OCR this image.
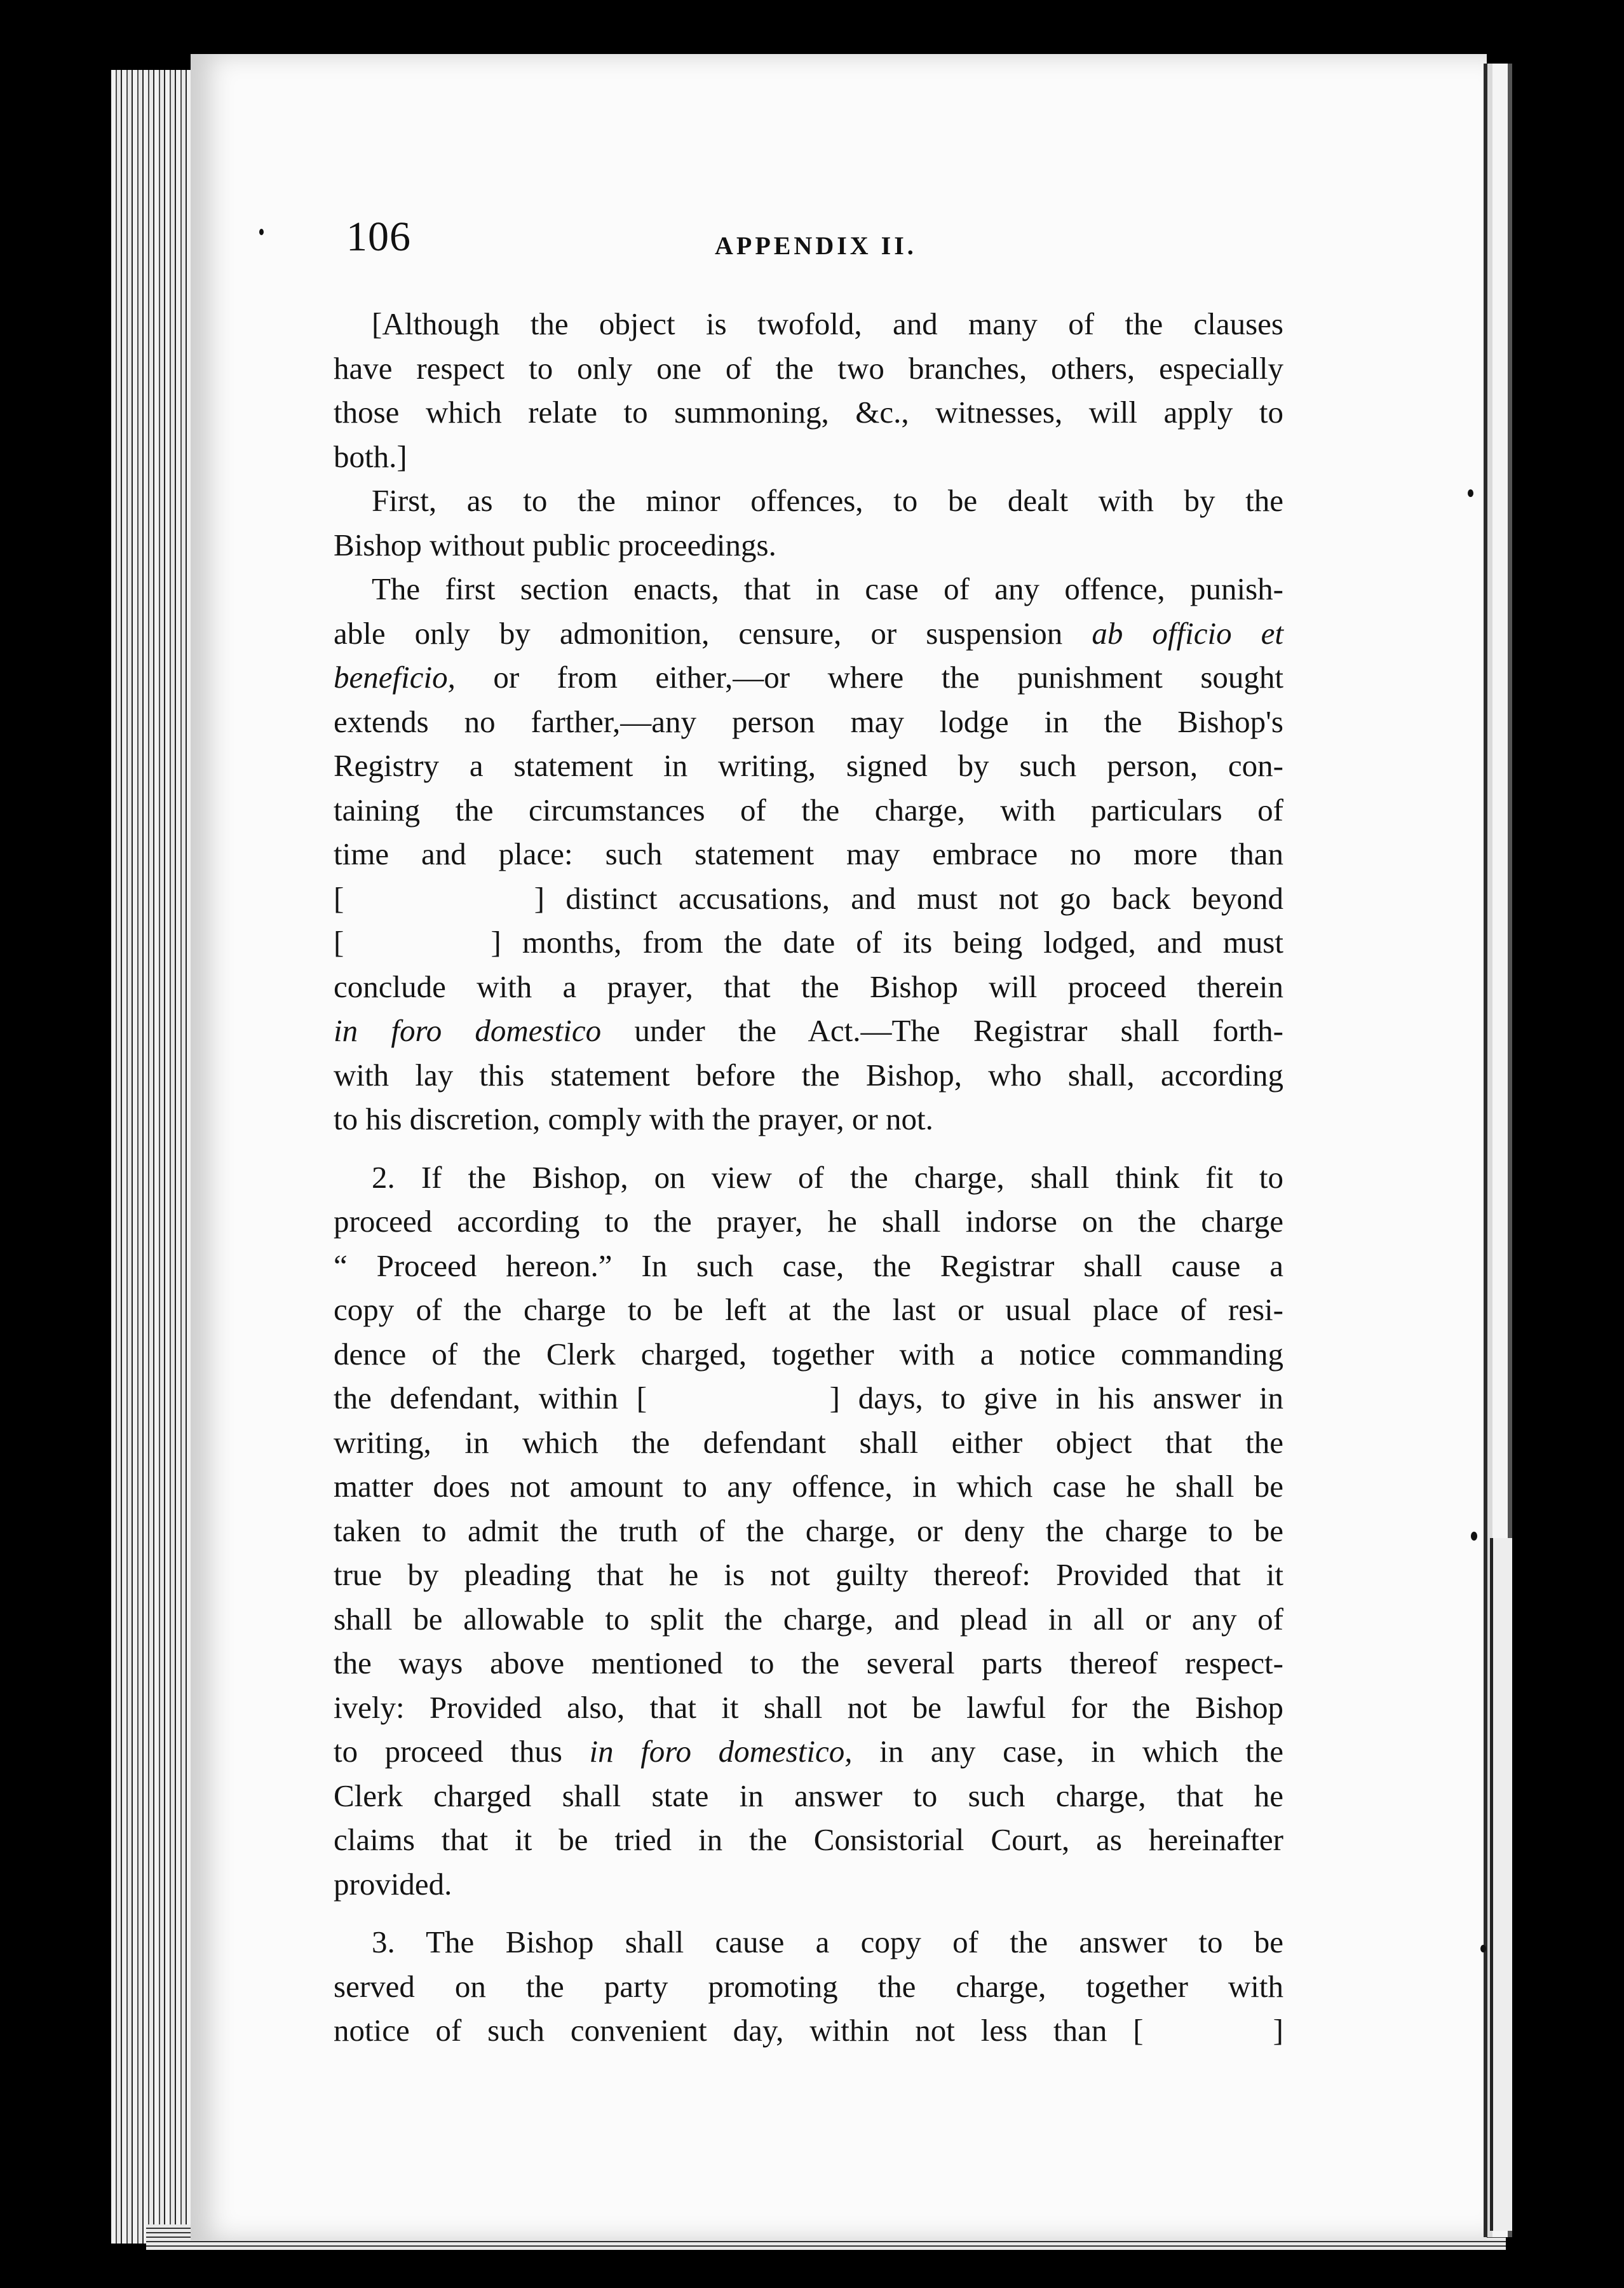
106	APPENDIX II.

[Although the object is twofold, and many of the clauses

have respect to only one of the two branches, others, especially

those which relate to summoning, &c., witnesses, will apply to

both.]

First, as to the minor offences, to be dealt with by the

Bishop without public proceedings.

The first section enacts, that in case of any offence, punish-

able only by admonition, censure, or suspension ab officio et

beneficio, or from either,—or where the punishment sought

extends no farther,—any person may lodge in the Bishop's

Registry a statement in writing, signed by such person, con-

taining the circumstances of the charge, with particulars of

time and place: such statement may embrace no more than

[         ] distinct accusations, and must not go back beyond

[       ] months, from the date of its being lodged, and must

conclude with a prayer, that the Bishop will proceed therein

in foro domestico under the Act.—The Registrar shall forth-

with lay this statement before the Bishop, who shall, according

to his discretion, comply with the prayer, or not.

2. If the Bishop, on view of the charge, shall think fit to

proceed according to the prayer, he shall indorse on the charge

“ Proceed hereon.” In such case, the Registrar shall cause a

copy of the charge to be left at the last or usual place of resi-

dence of the Clerk charged, together with a notice commanding

the defendant, within [          ] days, to give in his answer in

writing, in which the defendant shall either object that the

matter does not amount to any offence, in which case he shall be

taken to admit the truth of the charge, or deny the charge to be

true by pleading that he is not guilty thereof: Provided that it

shall be allowable to split the charge, and plead in all or any of

the ways above mentioned to the several parts thereof respect-

ively: Provided also, that it shall not be lawful for the Bishop

to proceed thus in foro domestico, in any case, in which the

Clerk charged shall state in answer to such charge, that he

claims that it be tried in the Consistorial Court, as hereinafter

provided.

3. The Bishop shall cause a copy of the answer to be

served on the party promoting the charge, together with

notice of such convenient day, within not less than [     ]
